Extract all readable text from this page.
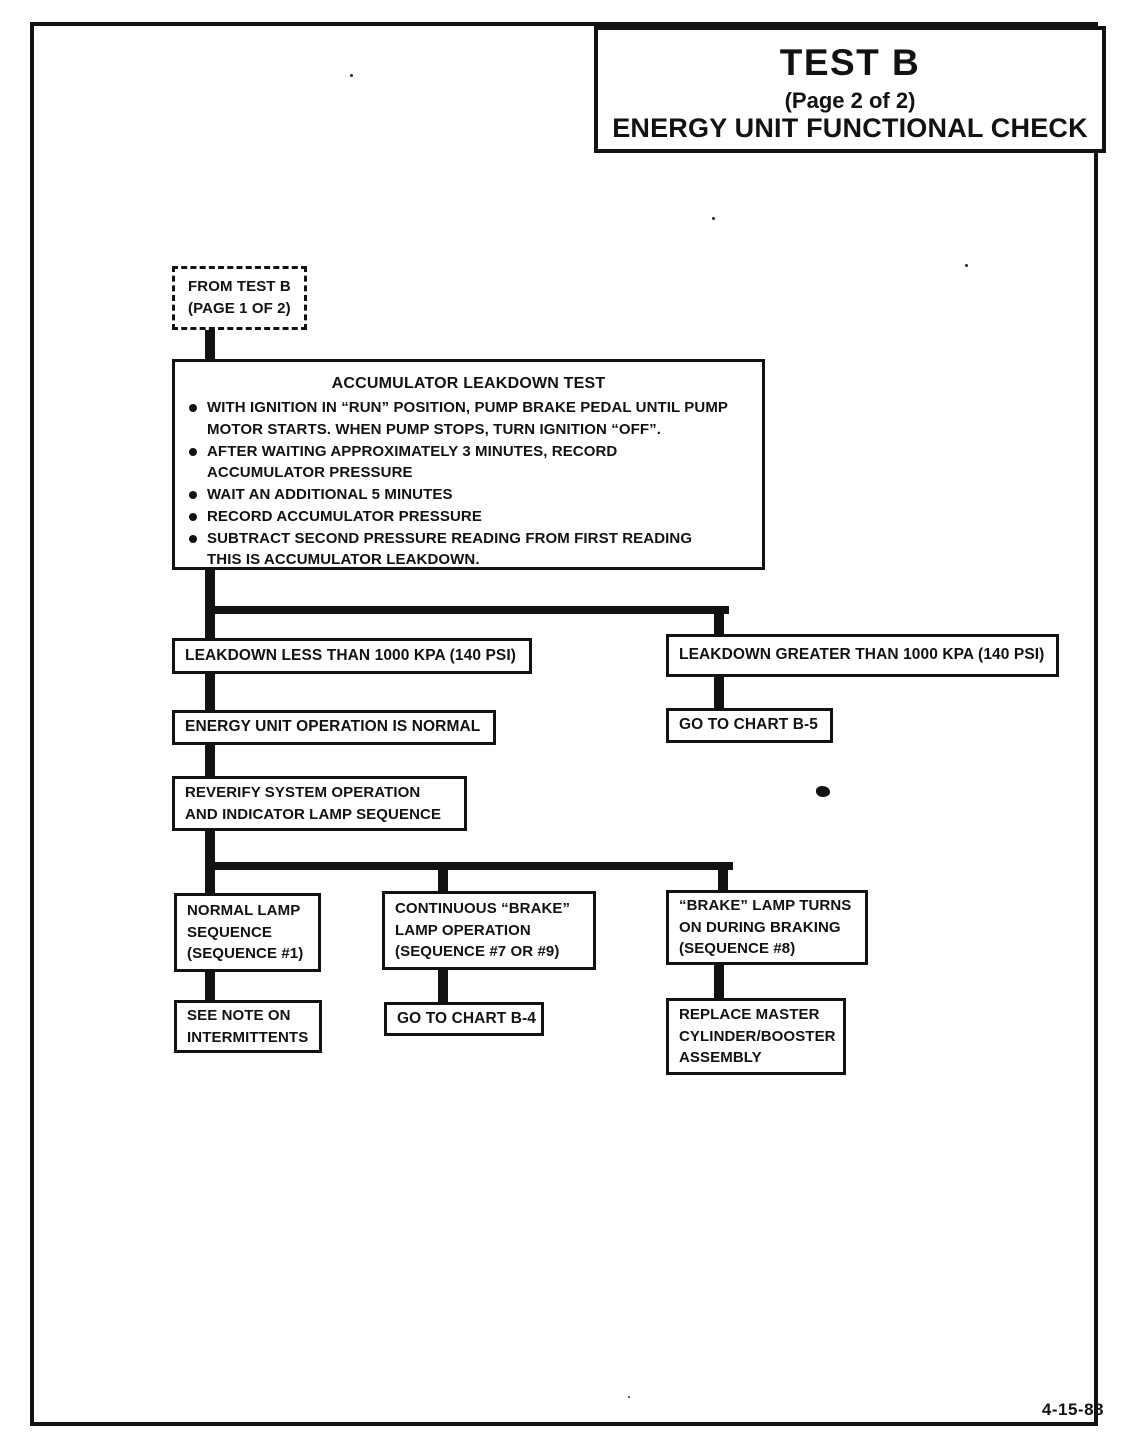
TEST B
(Page 2 of 2)
ENERGY UNIT FUNCTIONAL CHECK
FROM TEST B
(PAGE 1 OF 2)
ACCUMULATOR LEAKDOWN TEST
WITH IGNITION IN “RUN” POSITION, PUMP BRAKE PEDAL UNTIL PUMP
MOTOR STARTS. WHEN PUMP STOPS, TURN IGNITION “OFF”.
AFTER WAITING APPROXIMATELY 3 MINUTES, RECORD
ACCUMULATOR PRESSURE
WAIT AN ADDITIONAL 5 MINUTES
RECORD ACCUMULATOR PRESSURE
SUBTRACT SECOND PRESSURE READING FROM FIRST READING
THIS IS ACCUMULATOR LEAKDOWN.
LEAKDOWN LESS THAN 1000 KPA (140 PSI)	LEAKDOWN GREATER THAN 1000 KPA (140 PSI)
ENERGY UNIT OPERATION IS NORMAL	GO TO CHART B-5
REVERIFY SYSTEM OPERATION
AND INDICATOR LAMP SEQUENCE
NORMAL LAMP
SEQUENCE
(SEQUENCE #1)
CONTINUOUS “BRAKE”
LAMP OPERATION
(SEQUENCE #7 OR #9)
“BRAKE” LAMP TURNS
ON DURING BRAKING
(SEQUENCE #8)
SEE NOTE ON
INTERMITTENTS
GO TO CHART B-4	REPLACE MASTER
CYLINDER/BOOSTER
ASSEMBLY
4-15-88
